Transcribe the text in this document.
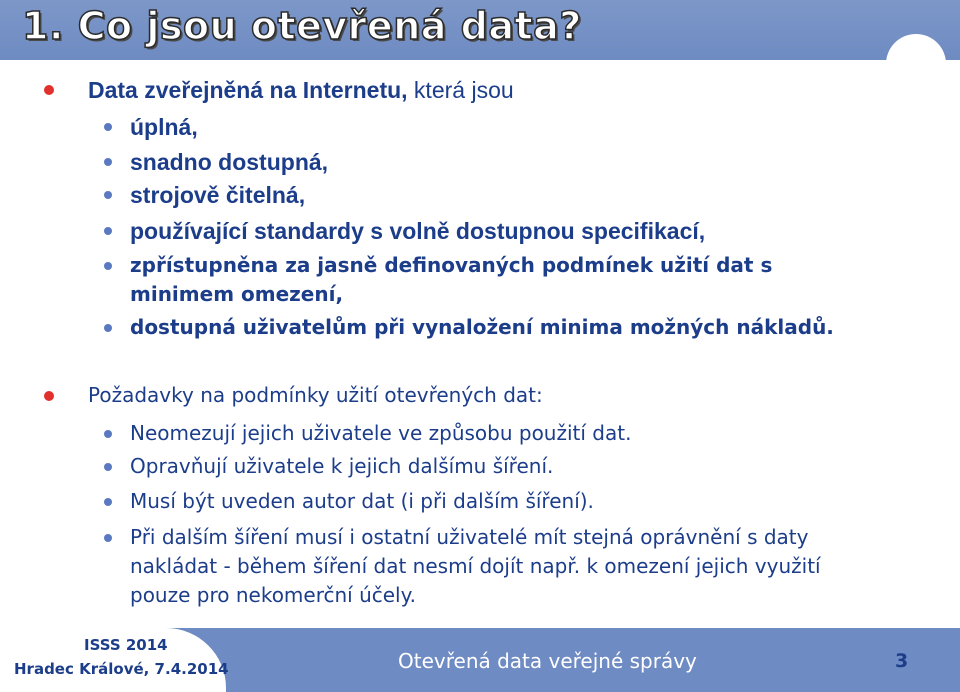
1. Co jsou otevřená data?
Data zveřejněná na Internetu, která jsou
úplná,
snadno dostupná,
strojově čitelná,
používající standardy s volně dostupnou specifikací,
zpřístupněna za jasně definovaných podmínek užití dat s
minimem omezení,
dostupná uživatelům při vynaložení minima možných nákladů.
Požadavky na podmínky užití otevřených dat:
Neomezují jejich uživatele ve způsobu použití dat.
Opravňují uživatele k jejich dalšímu šíření.
Musí být uveden autor dat (i při dalším šíření).
Při dalším šíření musí i ostatní uživatelé mít stejná oprávnění s daty
nakládat - během šíření dat nesmí dojít např. k omezení jejich využití
pouze pro nekomerční účely.
ISSS 2014
Hradec Králové, 7.4.2014	Otevřená data veřejné správy	3
